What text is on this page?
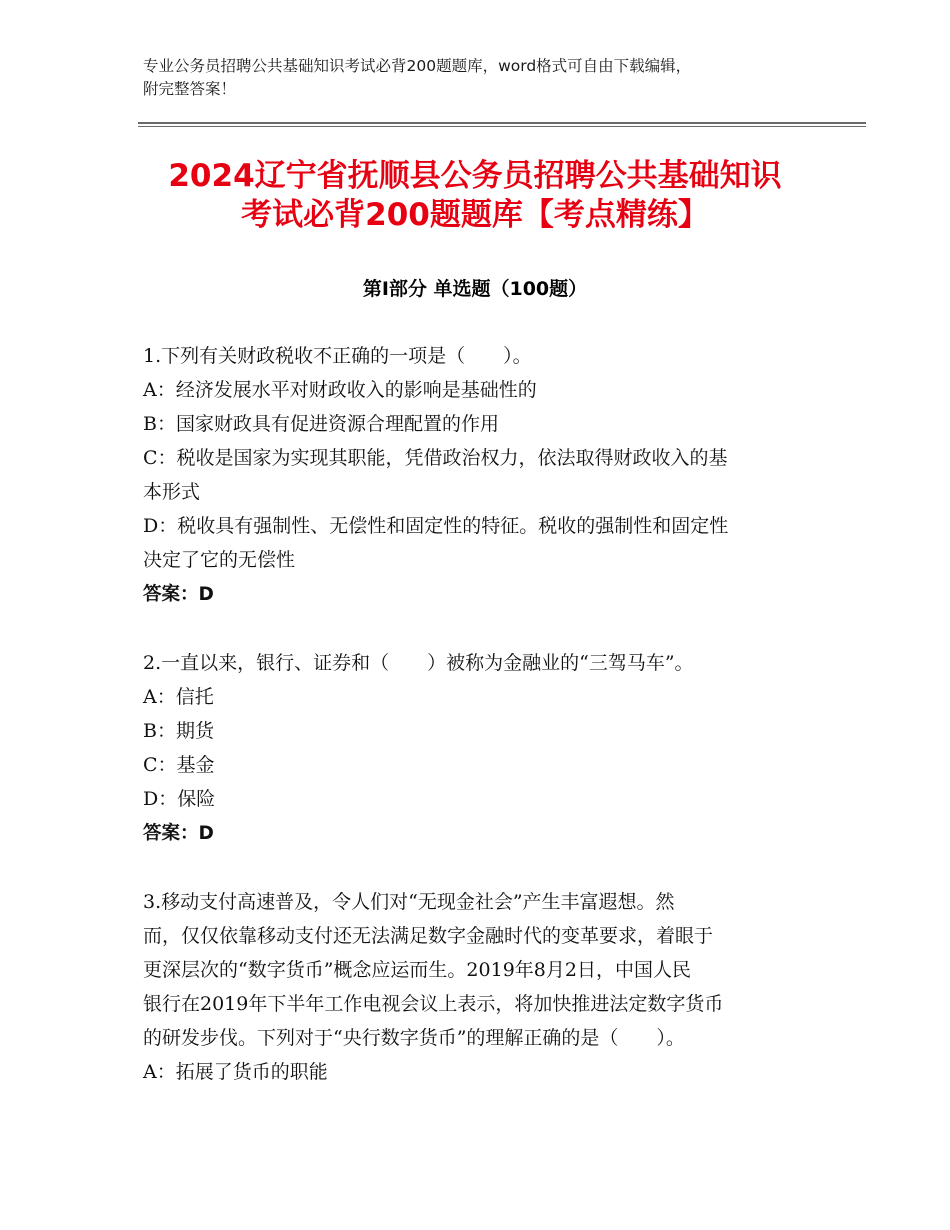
专业公务员招聘公共基础知识考试必背200题题库，word格式可自由下载编辑，
附完整答案！
2024辽宁省抚顺县公务员招聘公共基础知识
考试必背200题题库【考点精练】
第Ⅰ部分 单选题（100题）
1.下列有关财政税收不正确的一项是（　　）。
A：经济发展水平对财政收入的影响是基础性的
B：国家财政具有促进资源合理配置的作用
C：税收是国家为实现其职能，凭借政治权力，依法取得财政收入的基
本形式
D：税收具有强制性、无偿性和固定性的特征。税收的强制性和固定性
决定了它的无偿性
答案：D
2.一直以来，银行、证券和（　　）被称为金融业的“三驾马车”。
A：信托
B：期货
C：基金
D：保险
答案：D
3.移动支付高速普及，令人们对“无现金社会”产生丰富遐想。然
而，仅仅依靠移动支付还无法满足数字金融时代的变革要求，着眼于
更深层次的“数字货币”概念应运而生。2019年8月2日，中国人民
银行在2019年下半年工作电视会议上表示，将加快推进法定数字货币
的研发步伐。下列对于“央行数字货币”的理解正确的是（　　）。
A：拓展了货币的职能
